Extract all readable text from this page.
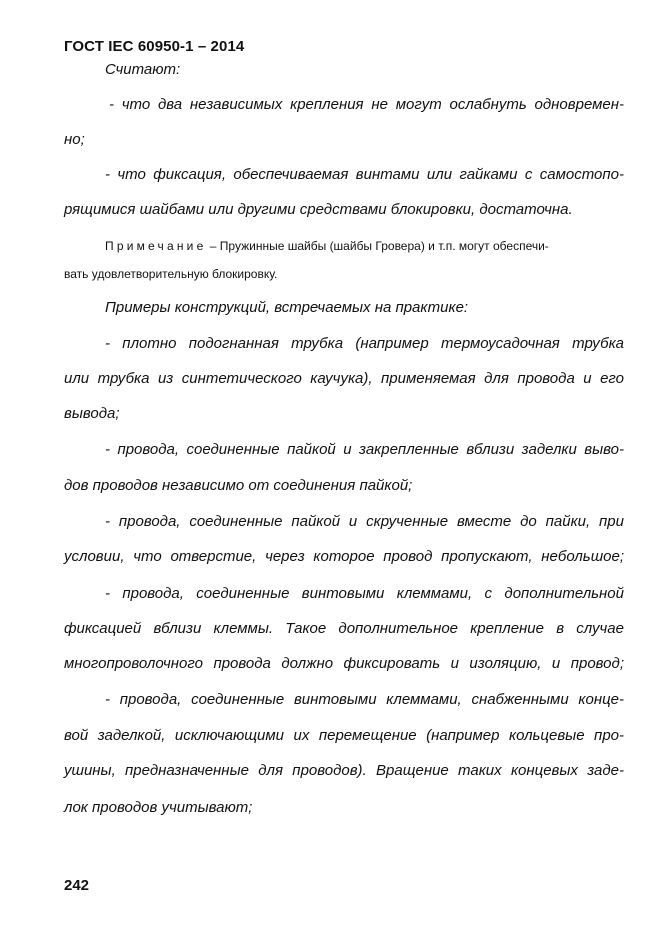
ГОСТ IEC 60950-1 – 2014
Считают:
- что два независимых крепления не могут ослабнуть одновремен-
но;
- что фиксация, обеспечиваемая винтами или гайками с самостопо-
рящимися шайбами или другими средствами блокировки, достаточна.
Примечание – Пружинные шайбы (шайбы Гровера) и т.п. могут обеспечи-
вать удовлетворительную блокировку.
Примеры конструкций, встречаемых на практике:
- плотно подогнанная трубка (например термоусадочная трубка
или трубка из синтетического каучука), применяемая для провода и его
вывода;
- провода, соединенные пайкой и закрепленные вблизи заделки выво-
дов проводов независимо от соединения пайкой;
- провода, соединенные пайкой и скрученные вместе до пайки, при
условии, что отверстие, через которое провод пропускают, небольшое;
- провода, соединенные винтовыми клеммами, с дополнительной
фиксацией вблизи клеммы. Такое дополнительное крепление в случае
многопроволочного провода должно фиксировать и изоляцию, и провод;
- провода, соединенные винтовыми клеммами, снабженными конце-
вой заделкой, исключающими их перемещение (например кольцевые про-
ушины, предназначенные для проводов). Вращение таких концевых заде-
лок проводов учитывают;
242
